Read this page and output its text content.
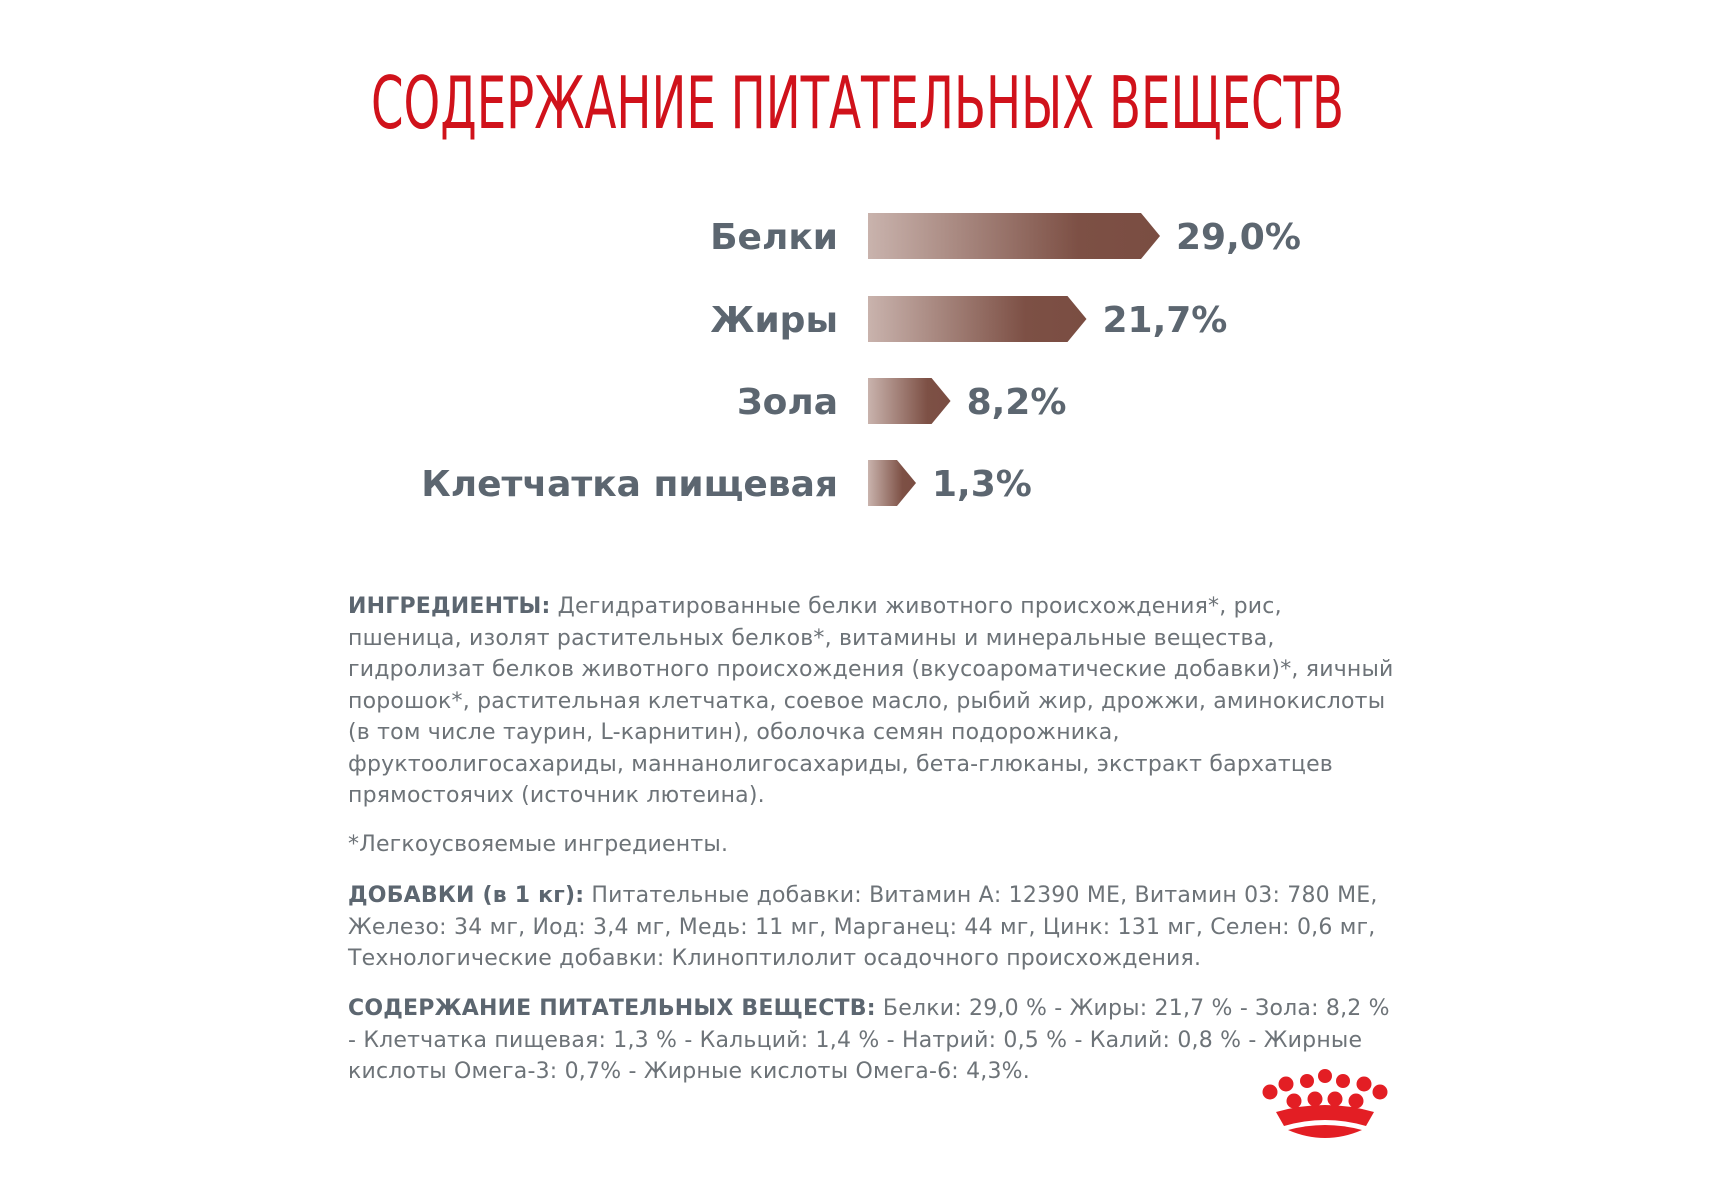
СОДЕРЖАНИЕ ПИТАТЕЛЬНЫХ ВЕЩЕСТВ
Белки	29,0%
Жиры	21,7%
Зола	8,2%
Клетчатка пищевая	1,3%
ИНГРЕДИЕНТЫ: Дегидратированные белки животного происхождения*, рис, пшеница, изолят растительных белков*, витамины и минеральные вещества, гидролизат белков животного происхождения (вкусоароматические добавки)*, яичный порошок*, растительная клетчатка, соевое масло, рыбий жир, дрожжи, аминокислоты (в том числе таурин, L-карнитин), оболочка семян подорожника, фруктоолигосахариды, маннанолигосахариды, бета-глюканы, экстракт бархатцев прямостоячих (источник лютеина).
*Легкоусвояемые ингредиенты.
ДОБАВКИ (в 1 кг): Питательные добавки: Витамин А: 12390 МЕ, Витамин 03: 780 МЕ, Железо: 34 мг, Иод: 3,4 мг, Медь: 11 мг, Марганец: 44 мг, Цинк: 131 мг, Селен: 0,6 мг, Технологические добавки: Клиноптилолит осадочного происхождения.
СОДЕРЖАНИЕ ПИТАТЕЛЬНЫХ ВЕЩЕСТВ: Белки: 29,0 % - Жиры: 21,7 % - Зола: 8,2 % - Клетчатка пищевая: 1,3 % - Кальций: 1,4 % - Натрий: 0,5 % - Калий: 0,8 % - Жирные кислоты Омега-3: 0,7% - Жирные кислоты Омега-6: 4,3%.
